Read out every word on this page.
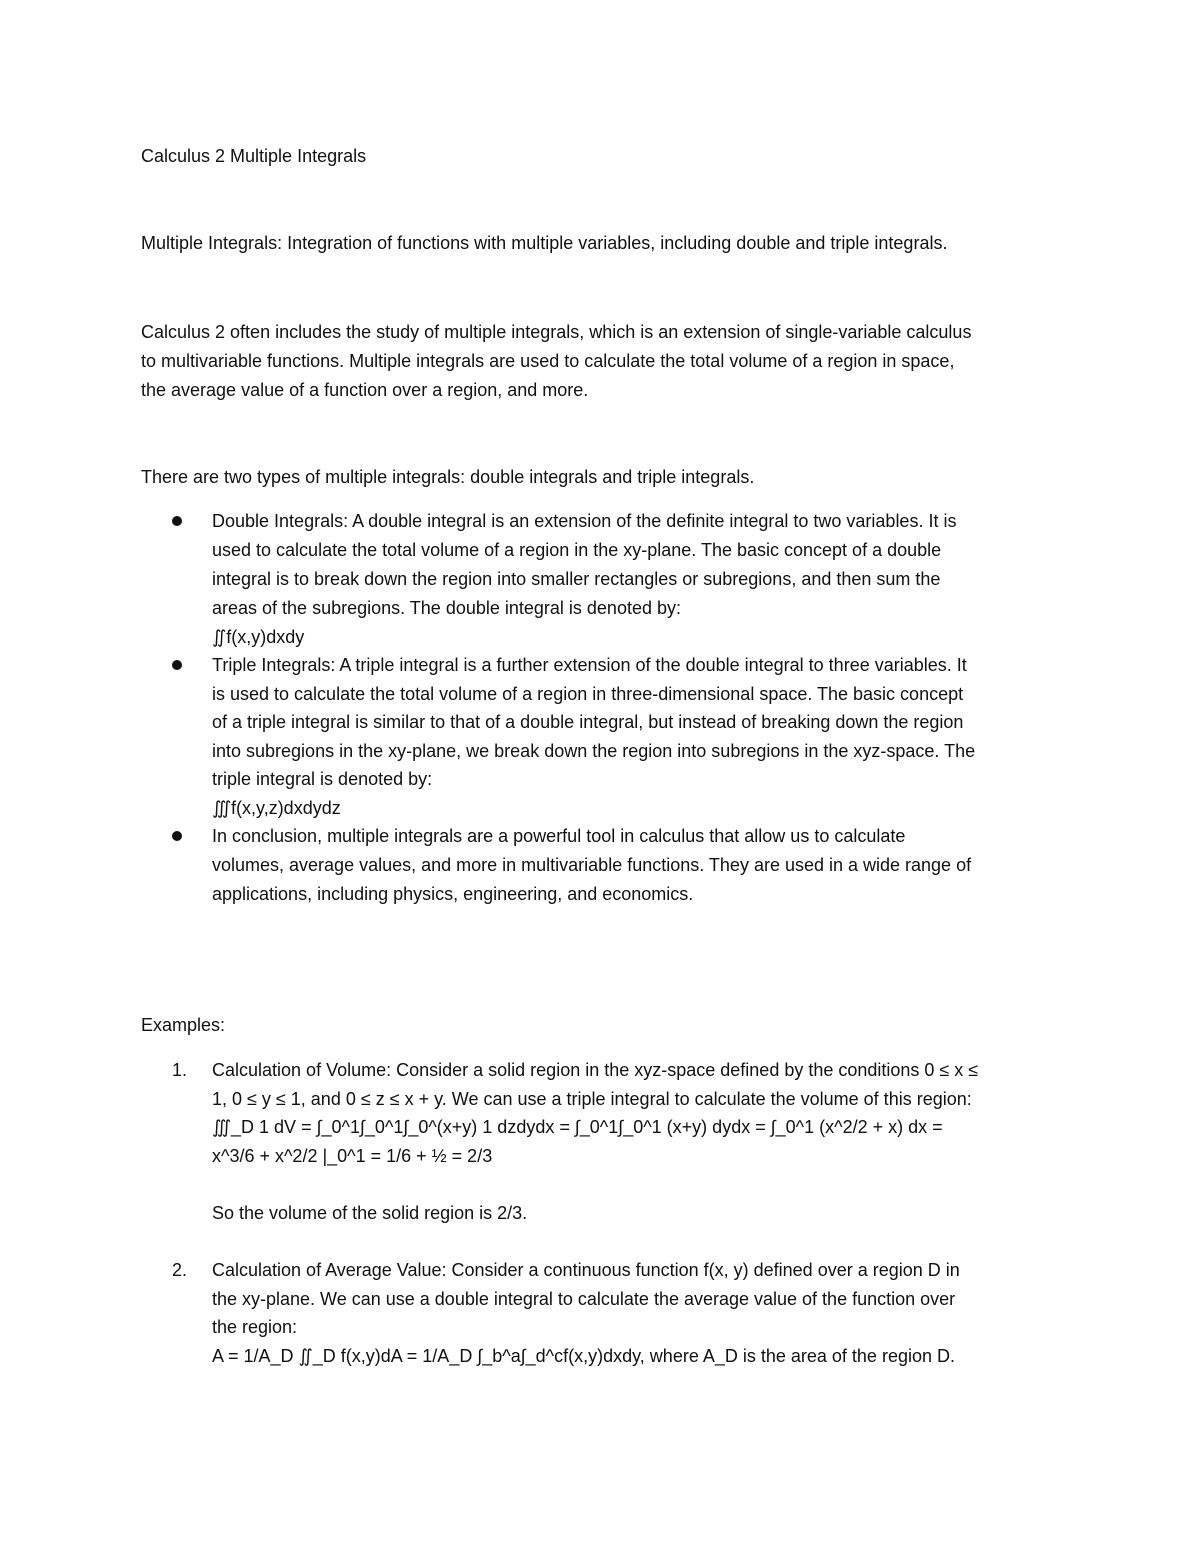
Calculus 2 Multiple Integrals
Multiple Integrals: Integration of functions with multiple variables, including double and triple integrals.
Calculus 2 often includes the study of multiple integrals, which is an extension of single-variable calculus
to multivariable functions. Multiple integrals are used to calculate the total volume of a region in space,
the average value of a function over a region, and more.
There are two types of multiple integrals: double integrals and triple integrals.
Double Integrals: A double integral is an extension of the definite integral to two variables. It is
used to calculate the total volume of a region in the xy-plane. The basic concept of a double
integral is to break down the region into smaller rectangles or subregions, and then sum the
areas of the subregions. The double integral is denoted by:
∬f(x,y)dxdy
Triple Integrals: A triple integral is a further extension of the double integral to three variables. It
is used to calculate the total volume of a region in three-dimensional space. The basic concept
of a triple integral is similar to that of a double integral, but instead of breaking down the region
into subregions in the xy-plane, we break down the region into subregions in the xyz-space. The
triple integral is denoted by:
∭f(x,y,z)dxdydz
In conclusion, multiple integrals are a powerful tool in calculus that allow us to calculate
volumes, average values, and more in multivariable functions. They are used in a wide range of
applications, including physics, engineering, and economics.
Examples:
1. Calculation of Volume: Consider a solid region in the xyz-space defined by the conditions 0 ≤ x ≤
1, 0 ≤ y ≤ 1, and 0 ≤ z ≤ x + y. We can use a triple integral to calculate the volume of this region:
∭_D 1 dV = ∫_0^1∫_0^1∫_0^(x+y) 1 dzdydx = ∫_0^1∫_0^1 (x+y) dydx = ∫_0^1 (x^2/2 + x) dx =
x^3/6 + x^2/2 |_0^1 = 1/6 + ½ = 2/3
So the volume of the solid region is 2/3.
2. Calculation of Average Value: Consider a continuous function f(x, y) defined over a region D in
the xy-plane. We can use a double integral to calculate the average value of the function over
the region:
A = 1/A_D ∬_D f(x,y)dA = 1/A_D ∫_b^a∫_d^cf(x,y)dxdy, where A_D is the area of the region D.
